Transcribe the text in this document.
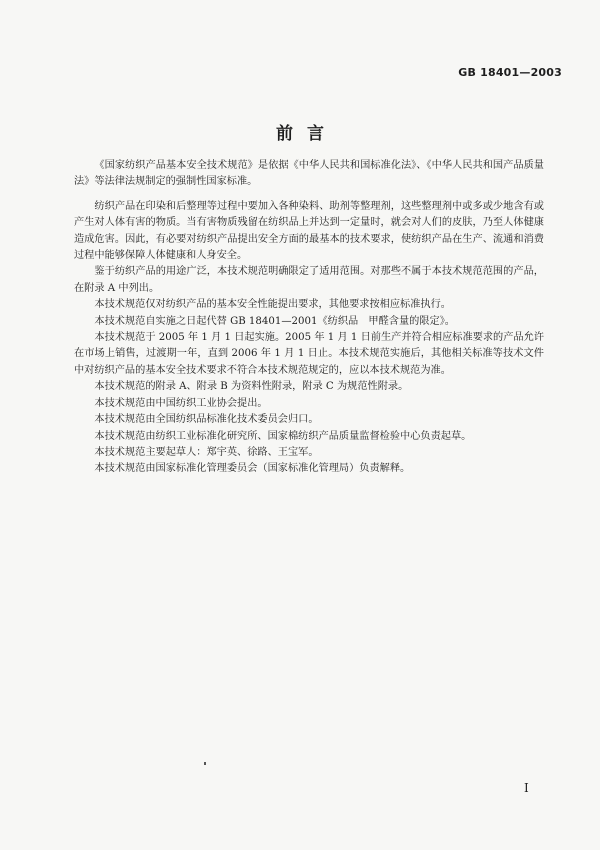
GB 18401—2003
前言

《国家纺织产品基本安全技术规范》是依据《中华人民共和国标准化法》、《中华人民共和国产品质量法》等法律法规制定的强制性国家标准。

纺织产品在印染和后整理等过程中要加入各种染料、助剂等整理剂，这些整理剂中或多或少地含有或产生对人体有害的物质。当有害物质残留在纺织品上并达到一定量时，就会对人们的皮肤，乃至人体健康造成危害。因此，有必要对纺织产品提出安全方面的最基本的技术要求，使纺织产品在生产、流通和消费过程中能够保障人体健康和人身安全。

鉴于纺织产品的用途广泛，本技术规范明确限定了适用范围。对那些不属于本技术规范范围的产品，在附录 A 中列出。

本技术规范仅对纺织产品的基本安全性能提出要求，其他要求按相应标准执行。

本技术规范自实施之日起代替 GB 18401—2001《纺织品　甲醛含量的限定》。

本技术规范于 2005 年 1 月 1 日起实施。2005 年 1 月 1 日前生产并符合相应标准要求的产品允许在市场上销售，过渡期一年，直到 2006 年 1 月 1 日止。本技术规范实施后，其他相关标准等技术文件中对纺织产品的基本安全技术要求不符合本技术规范规定的，应以本技术规范为准。

本技术规范的附录 A、附录 B 为资料性附录，附录 C 为规范性附录。

本技术规范由中国纺织工业协会提出。

本技术规范由全国纺织品标准化技术委员会归口。

本技术规范由纺织工业标准化研究所、国家棉纺织产品质量监督检验中心负责起草。

本技术规范主要起草人：郑宇英、徐路、王宝军。

本技术规范由国家标准化管理委员会（国家标准化管理局）负责解释。

I
